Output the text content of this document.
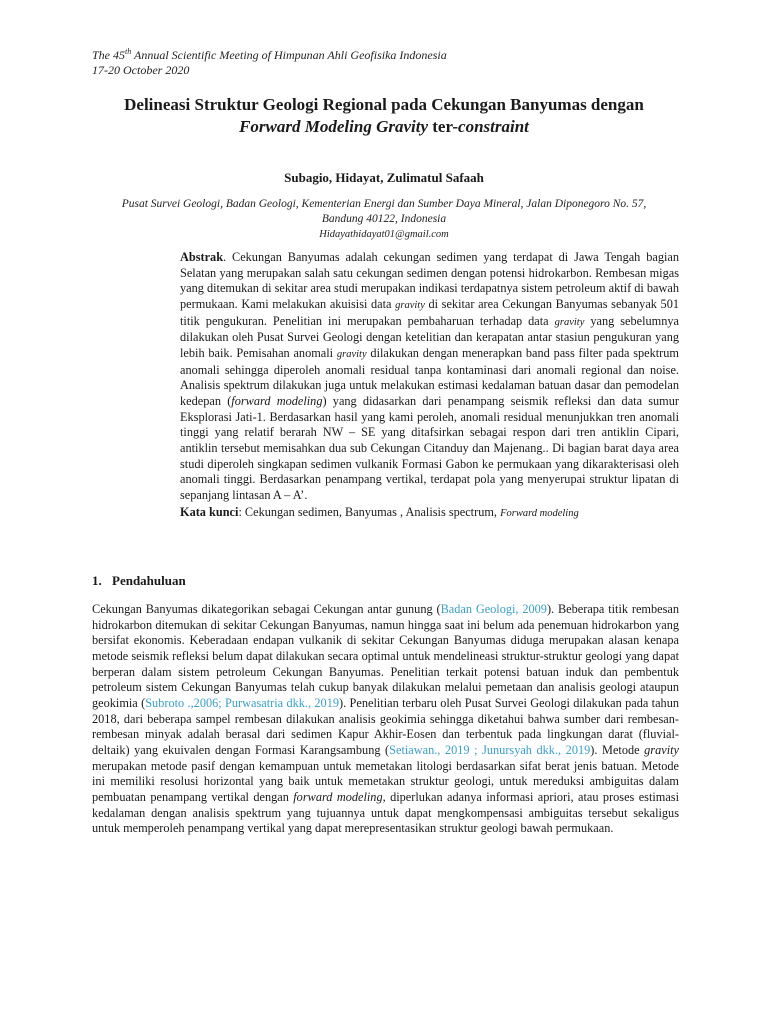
The 45th Annual Scientific Meeting of Himpunan Ahli Geofisika Indonesia
17-20 October 2020
Delineasi Struktur Geologi Regional pada Cekungan Banyumas dengan
Forward Modeling Gravity ter-constraint
Subagio, Hidayat, Zulimatul Safaah
Pusat Survei Geologi, Badan Geologi, Kementerian Energi dan Sumber Daya Mineral, Jalan Diponegoro No. 57,
Bandung 40122, Indonesia
Hidayathidayat01@gmail.com
Abstrak. Cekungan Banyumas adalah cekungan sedimen yang terdapat di Jawa Tengah bagian Selatan yang merupakan salah satu cekungan sedimen dengan potensi hidrokarbon. Rembesan migas yang ditemukan di sekitar area studi merupakan indikasi terdapatnya sistem petroleum aktif di bawah permukaan. Kami melakukan akuisisi data gravity di sekitar area Cekungan Banyumas sebanyak 501 titik pengukuran. Penelitian ini merupakan pembaharuan terhadap data gravity yang sebelumnya dilakukan oleh Pusat Survei Geologi dengan ketelitian dan kerapatan antar stasiun pengukuran yang lebih baik. Pemisahan anomali gravity dilakukan dengan menerapkan band pass filter pada spektrum anomali sehingga diperoleh anomali residual tanpa kontaminasi dari anomali regional dan noise. Analisis spektrum dilakukan juga untuk melakukan estimasi kedalaman batuan dasar dan pemodelan kedepan (forward modeling) yang didasarkan dari penampang seismik refleksi dan data sumur Eksplorasi Jati-1. Berdasarkan hasil yang kami peroleh, anomali residual menunjukkan tren anomali tinggi yang relatif berarah NW – SE yang ditafsirkan sebagai respon dari tren antiklin Cipari, antiklin tersebut memisahkan dua sub Cekungan Citanduy dan Majenang.. Di bagian barat daya area studi diperoleh singkapan sedimen vulkanik Formasi Gabon ke permukaan yang dikarakterisasi oleh anomali tinggi. Berdasarkan penampang vertikal, terdapat pola yang menyerupai struktur lipatan di sepanjang lintasan A – A’.
Kata kunci: Cekungan sedimen, Banyumas , Analisis spectrum, Forward modeling
1. Pendahuluan
Cekungan Banyumas dikategorikan sebagai Cekungan antar gunung (Badan Geologi, 2009). Beberapa titik rembesan hidrokarbon ditemukan di sekitar Cekungan Banyumas, namun hingga saat ini belum ada penemuan hidrokarbon yang bersifat ekonomis. Keberadaan endapan vulkanik di sekitar Cekungan Banyumas diduga merupakan alasan kenapa metode seismik refleksi belum dapat dilakukan secara optimal untuk mendelineasi struktur-struktur geologi yang dapat berperan dalam sistem petroleum Cekungan Banyumas. Penelitian terkait potensi batuan induk dan pembentuk petroleum sistem Cekungan Banyumas telah cukup banyak dilakukan melalui pemetaan dan analisis geologi ataupun geokimia (Subroto .,2006; Purwasatria dkk., 2019). Penelitian terbaru oleh Pusat Survei Geologi dilakukan pada tahun 2018, dari beberapa sampel rembesan dilakukan analisis geokimia sehingga diketahui bahwa sumber dari rembesan-rembesan minyak adalah berasal dari sedimen Kapur Akhir-Eosen dan terbentuk pada lingkungan darat (fluvial-deltaik) yang ekuivalen dengan Formasi Karangsambung (Setiawan., 2019 ; Junursyah dkk., 2019). Metode gravity merupakan metode pasif dengan kemampuan untuk memetakan litologi berdasarkan sifat berat jenis batuan. Metode ini memiliki resolusi horizontal yang baik untuk memetakan struktur geologi, untuk mereduksi ambiguitas dalam pembuatan penampang vertikal dengan forward modeling, diperlukan adanya informasi apriori, atau proses estimasi kedalaman dengan analisis spektrum yang tujuannya untuk dapat mengkompensasi ambiguitas tersebut sekaligus untuk memperoleh penampang vertikal yang dapat merepresentasikan struktur geologi bawah permukaan.
